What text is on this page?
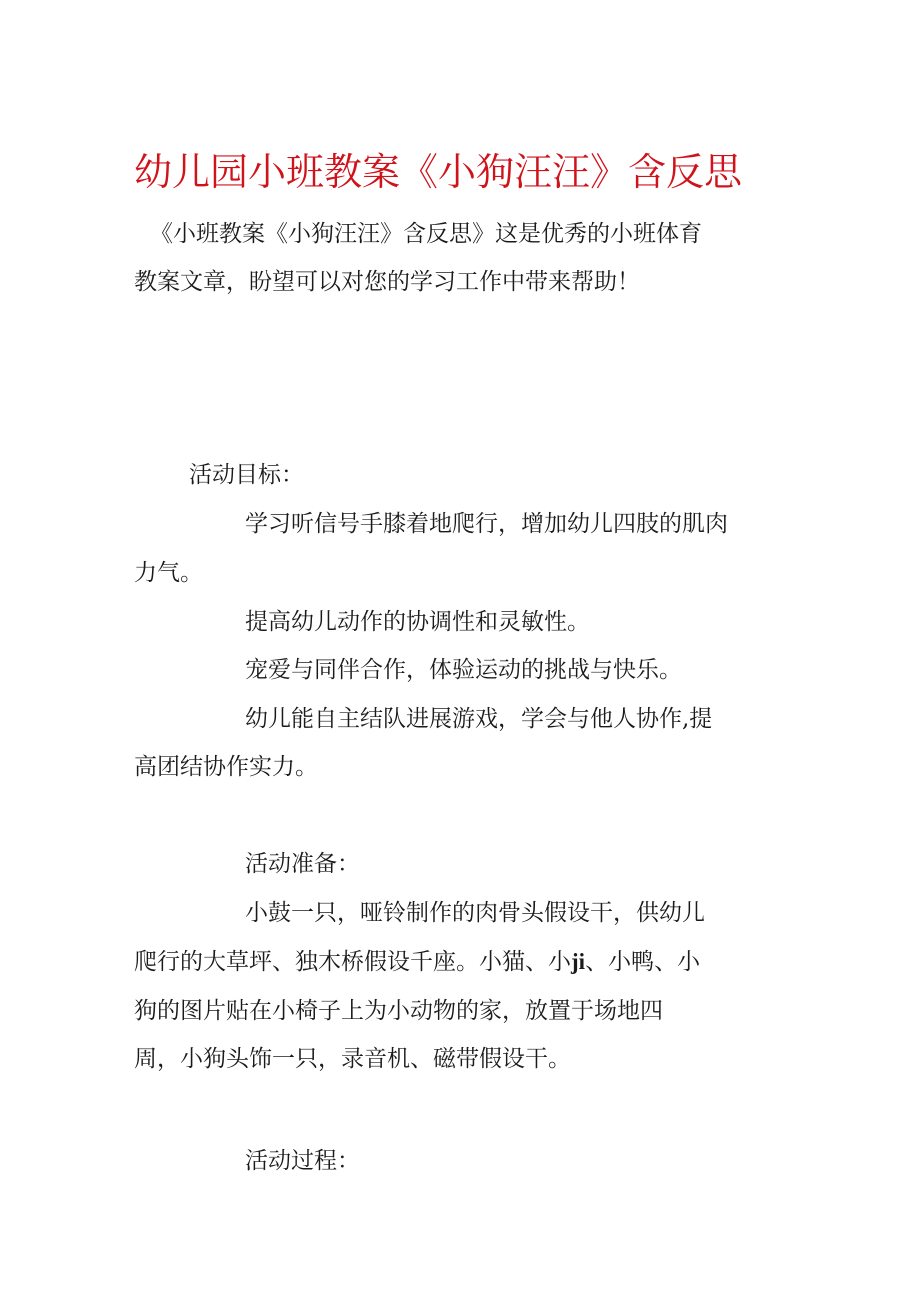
幼儿园小班教案《小狗汪汪》含反思
《小班教案《小狗汪汪》含反思》这是优秀的小班体育
教案文章，盼望可以对您的学习工作中带来帮助！
活动目标：
学习听信号手膝着地爬行，增加幼儿四肢的肌肉
力气。
提高幼儿动作的协调性和灵敏性。
宠爱与同伴合作，体验运动的挑战与快乐。
幼儿能自主结队进展游戏，学会与他人协作,提
高团结协作实力。
活动准备：
小鼓一只，哑铃制作的肉骨头假设干，供幼儿
爬行的大草坪、独木桥假设千座。小猫、小ji、小鸭、小
狗的图片贴在小椅子上为小动物的家，放置于场地四
周，小狗头饰一只，录音机、磁带假设干。
活动过程：
